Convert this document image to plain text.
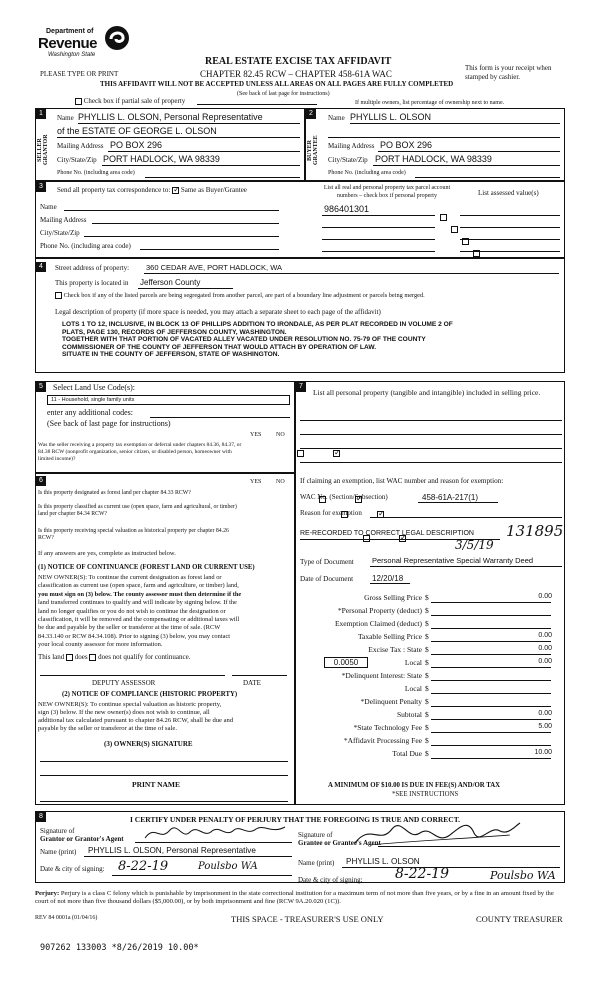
Department of
Revenue
Washington State
PLEASE TYPE OR PRINT
REAL ESTATE EXCISE TAX AFFIDAVIT
CHAPTER 82.45 RCW – CHAPTER 458-61A WAC
This form is your receipt when stamped by cashier.
THIS AFFIDAVIT WILL NOT BE ACCEPTED UNLESS ALL AREAS ON ALL PAGES ARE FULLY COMPLETED
(See back of last page for instructions)
Check box if partial sale of property	If multiple owners, list percentage of ownership next to name.
1	2
SELLER GRANTOR	BUYER GRANTEE
Name PHYLLIS L. OLSON, Personal Representative
of the ESTATE OF GEORGE L. OLSON
Mailing Address PO BOX 296
City/State/Zip PORT HADLOCK, WA 98339
Phone No. (including area code)
Name PHYLLIS L. OLSON
Mailing Address PO BOX 296
City/State/Zip PORT HADLOCK, WA 98339
Phone No. (including area code)
3	Send all property tax correspondence to: ✓ Same as Buyer/Grantee
Name
Mailing Address
City/State/Zip
Phone No. (including area code)
List all real and personal property tax parcel account numbers – check box if personal property	List assessed value(s)
986401301

4	Street address of property: 360 CEDAR AVE, PORT HADLOCK, WA
This property is located in Jefferson County
Check box if any of the listed parcels are being segregated from another parcel, are part of a boundary line adjustment or parcels being merged.
Legal description of property (if more space is needed, you may attach a separate sheet to each page of the affidavit)
LOTS 1 TO 12, INCLUSIVE, IN BLOCK 13 OF PHILLIPS ADDITION TO IRONDALE, AS PER PLAT RECORDED IN VOLUME 2 OF
PLATS, PAGE 130, RECORDS OF JEFFERSON COUNTY, WASHINGTON.
TOGETHER WITH THAT PORTION OF VACATED ALLEY VACATED UNDER RESOLUTION NO. 75-79 OF THE COUNTY
COMMISSIONER OF THE COUNTY OF JEFFERSON THAT WOULD ATTACH BY OPERATION OF LAW.
SITUATE IN THE COUNTY OF JEFFERSON, STATE OF WASHINGTON.
5	Select Land Use Code(s):
11 - Household, single family units
enter any additional codes:
(See back of last page for instructions)
YES NO
Was the seller receiving a property tax exemption or deferral under chapters 84.36, 84.37, or 84.38 RCW (nonprofit organization, senior citizen, or disabled person, homeowner with limited income)?
✓
6	YES NO
Is this property designated as forest land per chapter 84.33 RCW?
✓
Is this property classified as current use (open space, farm and agricultural, or timber) land per chapter 84.34 RCW?
✓
Is this property receiving special valuation as historical property per chapter 84.26 RCW?
✓
If any answers are yes, complete as instructed below.
(1) NOTICE OF CONTINUANCE (FOREST LAND OR CURRENT USE)
NEW OWNER(S): To continue the current designation as forest land or
classification as current use (open space, farm and agriculture, or timber) land,
you must sign on (3) below. The county assessor must then determine if the
land transferred continues to qualify and will indicate by signing below. If the
land no longer qualifies or you do not wish to continue the designation or
classification, it will be removed and the compensating or additional taxes will
be due and payable by the seller or transferor at the time of sale. (RCW
84.33.140 or RCW 84.34.108). Prior to signing (3) below, you may contact
your local county assessor for more information.
This land does does not qualify for continuance.
DEPUTY ASSESSOR	DATE
(2) NOTICE OF COMPLIANCE (HISTORIC PROPERTY)
NEW OWNER(S): To continue special valuation as historic property,
sign (3) below. If the new owner(s) does not wish to continue, all
additional tax calculated pursuant to chapter 84.26 RCW, shall be due and
payable by the seller or transferor at the time of sale.
(3) OWNER(S) SIGNATURE
PRINT NAME
7
List all personal property (tangible and intangible) included in selling price.
If claiming an exemption, list WAC number and reason for exemption:
WAC No. (Section/Subsection)	458-61A-217(1)
Reason for exemption
RE-RECORDED TO CORRECT LEGAL DESCRIPTION 131895
3/5/19
Type of Document Personal Representative Special Warranty Deed
Date of Document 12/20/18
Gross Selling Price $	0.00
*Personal Property (deduct) $
Exemption Claimed (deduct) $
Taxable Selling Price $	0.00
Excise Tax : State $	0.00
0.0050	Local $	0.00
*Delinquent Interest: State $
Local $
*Delinquent Penalty $
Subtotal $	0.00
*State Technology Fee $	5.00
*Affidavit Processing Fee $
Total Due $	10.00
A MINIMUM OF $10.00 IS DUE IN FEE(S) AND/OR TAX
*SEE INSTRUCTIONS
8	I CERTIFY UNDER PENALTY OF PERJURY THAT THE FOREGOING IS TRUE AND CORRECT.
Signature of
Grantor or Grantor's Agent
Name (print) PHYLLIS L. OLSON, Personal Representative
Date & city of signing: 8-22-19	Poulsbo WA
Signature of
Grantee or Grantee's Agent
Name (print) PHYLLIS L. OLSON
Date & city of signing: 8-22-19	Poulsbo WA
Perjury: Perjury is a class C felony which is punishable by imprisonment in the state correctional institution for a maximum term of not more than five years, or by a fine in an amount fixed by the court of not more than five thousand dollars ($5,000.00), or by both imprisonment and fine (RCW 9A.20.020 (1C)).
REV 84 0001a (01/04/16)	THIS SPACE - TREASURER'S USE ONLY	COUNTY TREASURER
907262 133003 *8/26/2019 10.00*
